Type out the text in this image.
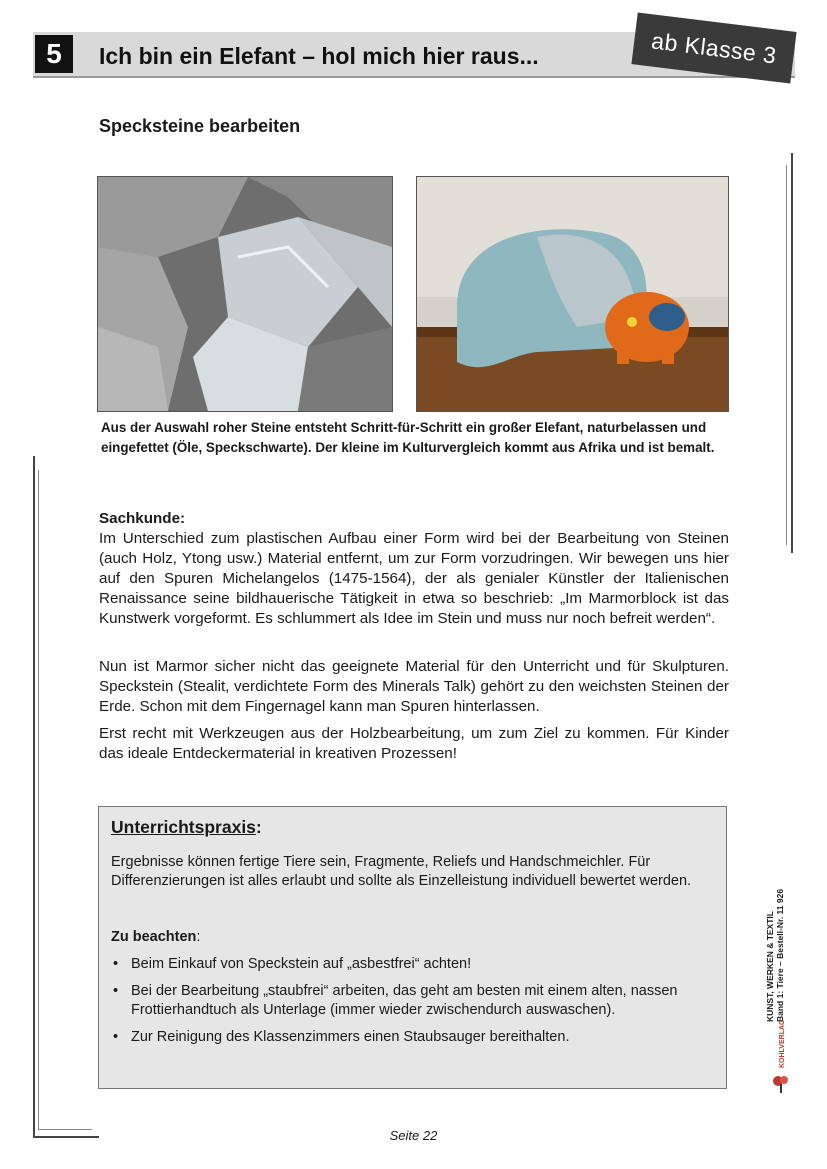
5	Ich bin ein Elefant – hol mich hier raus...	ab Klasse 3
Specksteine bearbeiten
Aus der Auswahl roher Steine entsteht Schritt-für-Schritt ein großer Elefant, naturbelassen und eingefettet (Öle, Speckschwarte). Der kleine im Kulturvergleich kommt aus Afrika und ist bemalt.
Sachkunde:
Im Unterschied zum plastischen Aufbau einer Form wird bei der Bearbeitung von Steinen (auch Holz, Ytong usw.) Material entfernt, um zur Form vorzudringen. Wir bewegen uns hier auf den Spuren Michelangelos (1475-1564), der als genialer Künstler der Italienischen Renaissance seine bildhauerische Tätigkeit in etwa so beschrieb: „Im Marmorblock ist das Kunstwerk vorgeformt. Es schlummert als Idee im Stein und muss nur noch befreit werden“.
Nun ist Marmor sicher nicht das geeignete Material für den Unterricht und für Skulpturen. Speckstein (Stealit, verdichtete Form des Minerals Talk) gehört zu den weichsten Steinen der Erde. Schon mit dem Fingernagel kann man Spuren hinterlassen.
Erst recht mit Werkzeugen aus der Holzbearbeitung, um zum Ziel zu kommen. Für Kinder das ideale Entdeckermaterial in kreativen Prozessen!
Unterrichtspraxis:
Ergebnisse können fertige Tiere sein, Fragmente, Reliefs und Handschmeichler. Für Differenzierungen ist alles erlaubt und sollte als Einzelleistung individuell bewertet werden.
Zu beachten:
• Beim Einkauf von Speckstein auf „asbestfrei“ achten!
• Bei der Bearbeitung „staubfrei“ arbeiten, das geht am besten mit einem alten, nassen Frottierhandtuch als Unterlage (immer wieder zwischendurch auswaschen).
• Zur Reinigung des Klassenzimmers einen Staubsauger bereithalten.
KUNST, WERKEN & TEXTIL Band 1: Tiere – Bestell-Nr. 11 926
KOHLVERLAG
Seite 22
